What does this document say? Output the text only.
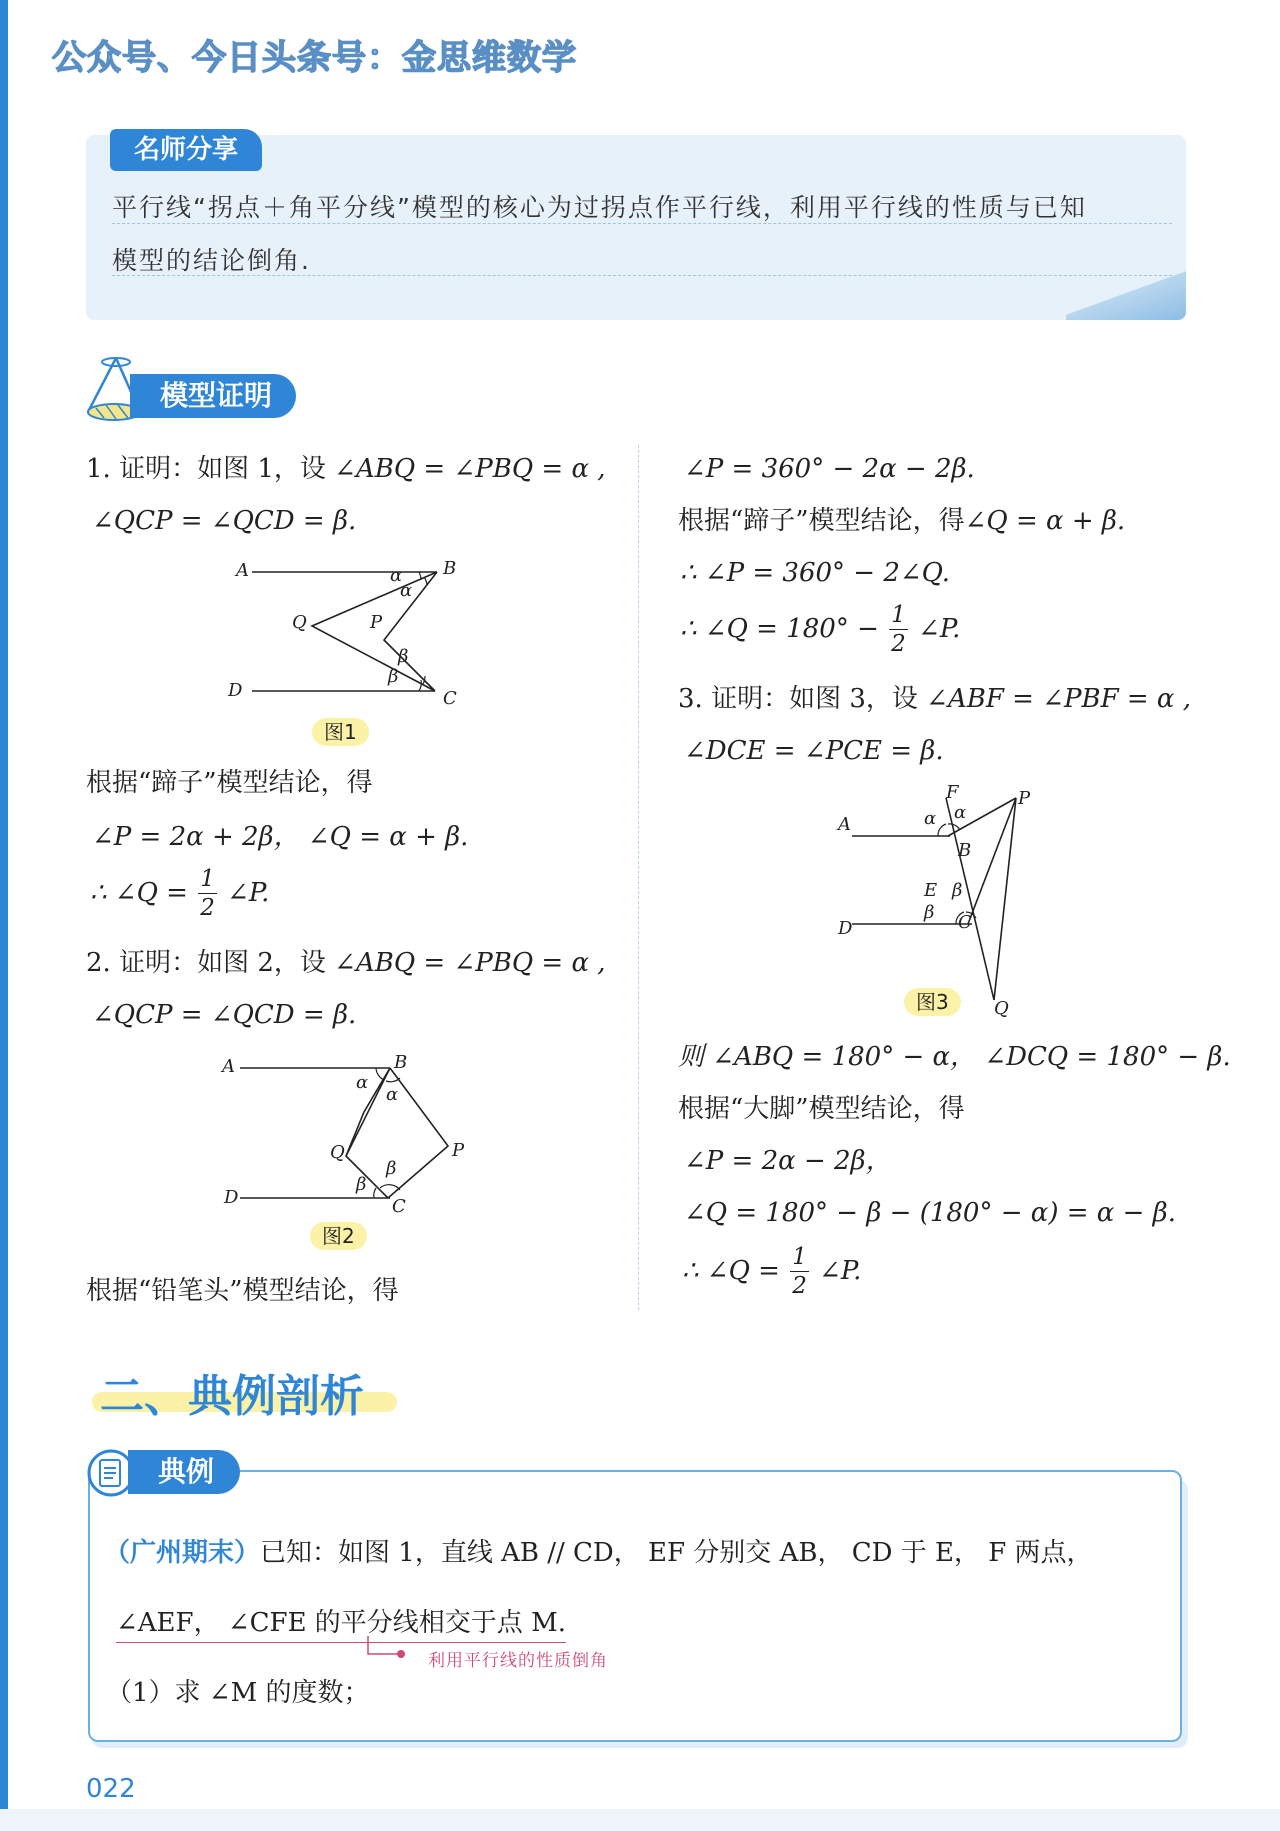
公众号、今日头条号：金思维数学
名师分享
平行线“拐点＋角平分线”模型的核心为过拐点作平行线，利用平行线的性质与已知
模型的结论倒角.
模型证明
1. 证明：如图 1，设 ∠ABQ = ∠PBQ = α ,
∠QCP = ∠QCD = β.
A	B
C
D
Q	P
α
α
β
β
图1
根据“蹄子”模型结论，得
∠P = 2α + 2β， ∠Q = α + β.
∴ ∠Q = $\frac{1}{2}$ ∠P.
2. 证明：如图 2，设 ∠ABQ = ∠PBQ = α ,
∠QCP = ∠QCD = β.
A	B
C
D
Q	P
α
α
β
β
图2
根据“铅笔头”模型结论，得
∠P = 360° − 2α − 2β.
根据“蹄子”模型结论，得∠Q = α + β.
∴ ∠P = 360° − 2∠Q.
∴ ∠Q = $180^\circ - \frac{1}{2}$ ∠P.
3. 证明：如图 3，设 ∠ABF = ∠PBF = α ,
∠DCE = ∠PCE = β.
A
B
F	P
D
E
C
Q
α α
β
β
图3
则 ∠ABQ = 180° − α， ∠DCQ = 180° − β.
根据“大脚”模型结论，得
∠P = 2α − 2β，
∠Q = 180° − β − (180° − α) = α − β.
∴ ∠Q = $\frac{1}{2}$ ∠P.
二、典例剖析
典例
（广州期末）已知：如图 1，直线 AB // CD， EF 分别交 AB， CD 于 E， F 两点，
∠AEF， ∠CFE 的平分线相交于点 M.
利用平行线的性质倒角
（1）求 ∠M 的度数；
022
